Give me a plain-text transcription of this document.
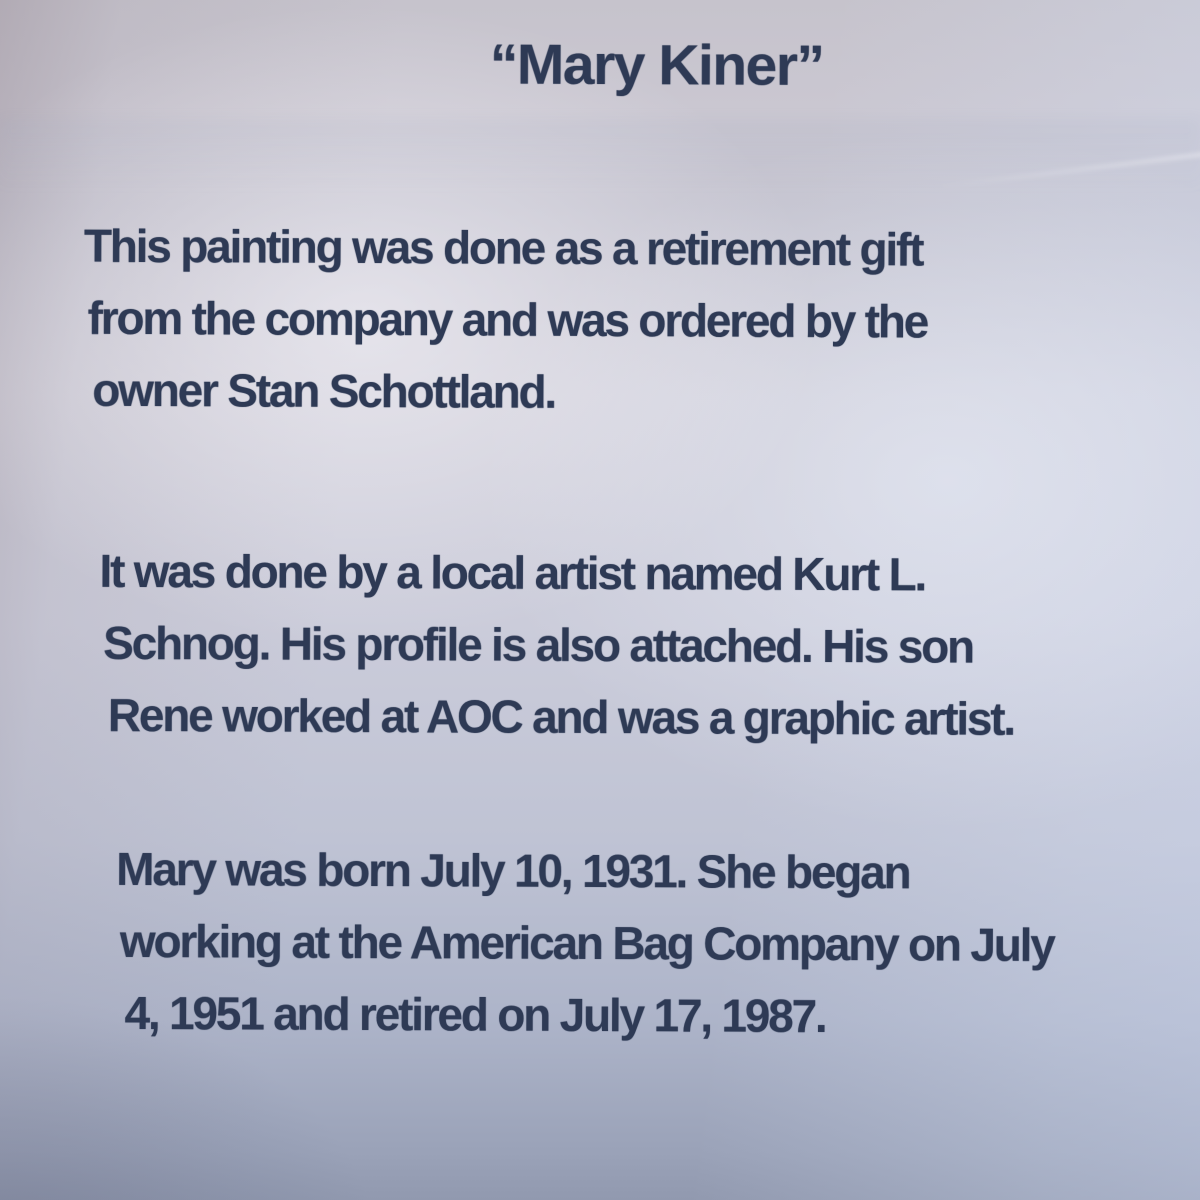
“Mary Kiner”
This painting was done as a retirement gift
from the company and was ordered by the
owner Stan Schottland.
It was done by a local artist named Kurt L.
Schnog. His profile is also attached. His son
Rene worked at AOC and was a graphic artist.
Mary was born July 10, 1931. She began
working at the American Bag Company on July
4, 1951 and retired on July 17, 1987.
